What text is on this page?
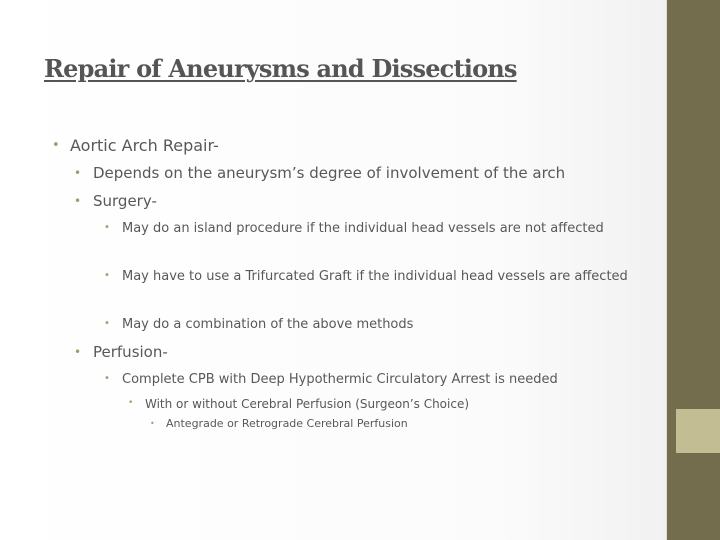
Repair of Aneurysms and Dissections
• Aortic Arch Repair-
• Depends on the aneurysm’s degree of involvement of the arch
• Surgery-
• May do an island procedure if the individual head vessels are not affected
• May have to use a Trifurcated Graft if the individual head vessels are affected
• May do a combination of the above methods
• Perfusion-
• Complete CPB with Deep Hypothermic Circulatory Arrest is needed
• With or without Cerebral Perfusion (Surgeon’s Choice)
•	Antegrade or Retrograde Cerebral Perfusion
